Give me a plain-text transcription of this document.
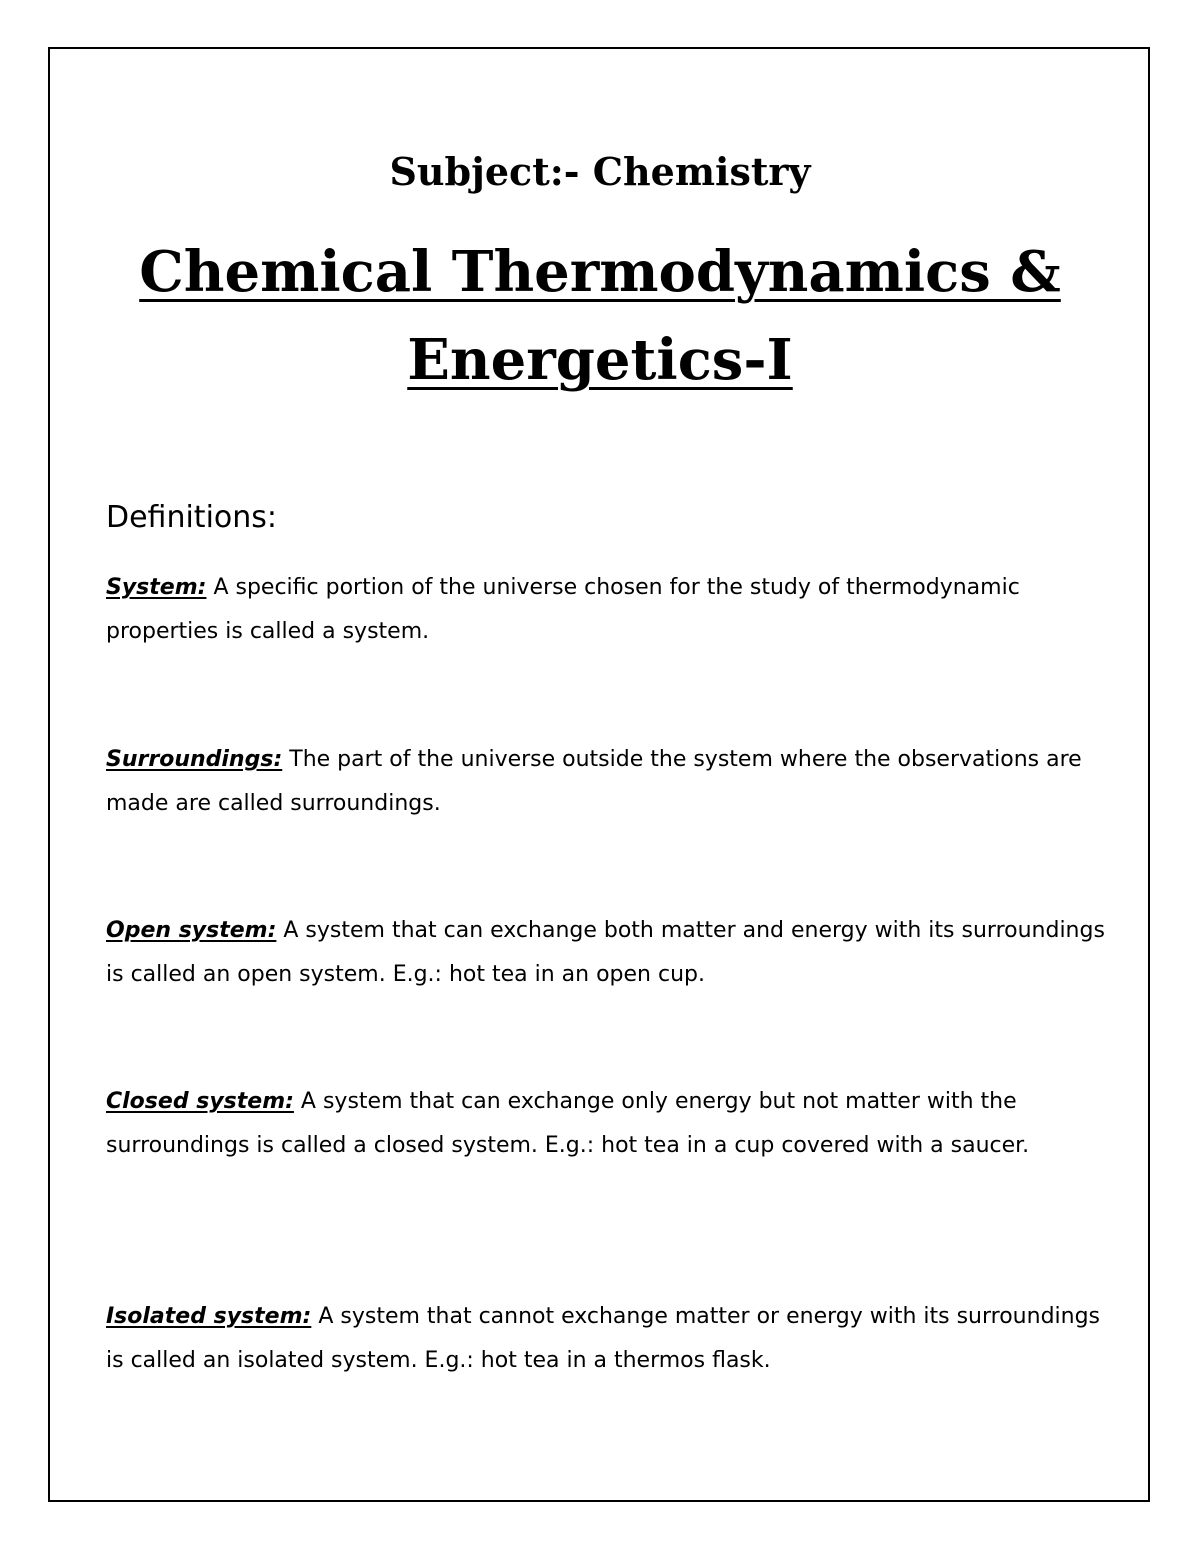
Subject:- Chemistry
Chemical Thermodynamics &
Energetics-I
Definitions:
System: A specific portion of the universe chosen for the study of thermodynamic properties is called a system.
Surroundings: The part of the universe outside the system where the observations are made are called surroundings.
Open system: A system that can exchange both matter and energy with its surroundings is called an open system. E.g.: hot tea in an open cup.
Closed system: A system that can exchange only energy but not matter with the surroundings is called a closed system. E.g.: hot tea in a cup covered with a saucer.
Isolated system: A system that cannot exchange matter or energy with its surroundings is called an isolated system. E.g.: hot tea in a thermos flask.
